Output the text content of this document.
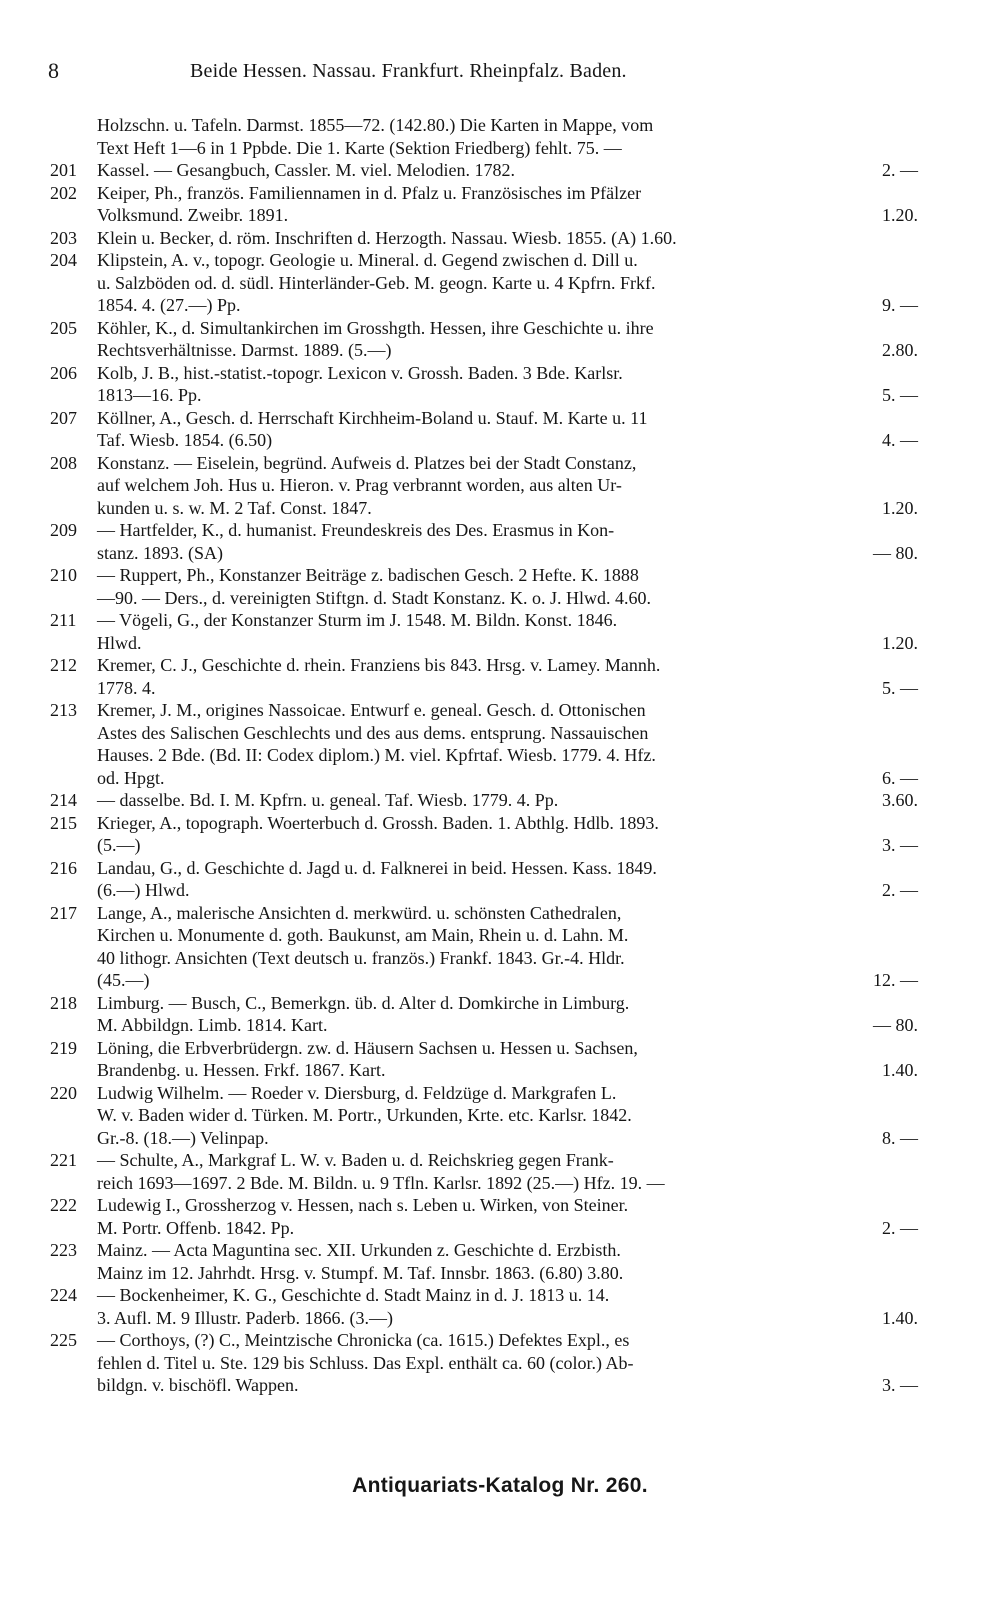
8	Beide Hessen. Nassau. Frankfurt. Rheinpfalz. Baden.
Holzschn. u. Tafeln. Darmst. 1855—72. (142.80.) Die Karten in Mappe, vom
Text Heft 1—6 in 1 Ppbde. Die 1. Karte (Sektion Friedberg) fehlt. 75. —
201	Kassel. — Gesangbuch, Cassler. M. viel. Melodien. 1782.	2. —
202	Keiper, Ph., französ. Familiennamen in d. Pfalz u. Französisches im Pfälzer
Volksmund. Zweibr. 1891.	1.20.
203	Klein u. Becker, d. röm. Inschriften d. Herzogth. Nassau. Wiesb. 1855. (A) 1.60.
204	Klipstein, A. v., topogr. Geologie u. Mineral. d. Gegend zwischen d. Dill u.
u. Salzböden od. d. südl. Hinterländer-Geb. M. geogn. Karte u. 4 Kpfrn. Frkf.
1854. 4. (27.—) Pp.	9. —
205	Köhler, K., d. Simultankirchen im Grosshgth. Hessen, ihre Geschichte u. ihre
Rechtsverhältnisse. Darmst. 1889. (5.—)	2.80.
206	Kolb, J. B., hist.-statist.-topogr. Lexicon v. Grossh. Baden. 3 Bde. Karlsr.
1813—16. Pp.	5. —
207	Köllner, A., Gesch. d. Herrschaft Kirchheim-Boland u. Stauf. M. Karte u. 11
Taf. Wiesb. 1854. (6.50)	4. —
208	Konstanz. — Eiselein, begründ. Aufweis d. Platzes bei der Stadt Constanz,
auf welchem Joh. Hus u. Hieron. v. Prag verbrannt worden, aus alten Ur-
kunden u. s. w. M. 2 Taf. Const. 1847.	1.20.
209	— Hartfelder, K., d. humanist. Freundeskreis des Des. Erasmus in Kon-
stanz. 1893. (SA)	— 80.
210	— Ruppert, Ph., Konstanzer Beiträge z. badischen Gesch. 2 Hefte. K. 1888
—90. — Ders., d. vereinigten Stiftgn. d. Stadt Konstanz. K. o. J. Hlwd. 4.60.
211	— Vögeli, G., der Konstanzer Sturm im J. 1548. M. Bildn. Konst. 1846.
Hlwd.	1.20.
212	Kremer, C. J., Geschichte d. rhein. Franziens bis 843. Hrsg. v. Lamey. Mannh.
1778. 4.	5. —
213	Kremer, J. M., origines Nassoicae. Entwurf e. geneal. Gesch. d. Ottonischen
Astes des Salischen Geschlechts und des aus dems. entsprung. Nassauischen
Hauses. 2 Bde. (Bd. II: Codex diplom.) M. viel. Kpfrtaf. Wiesb. 1779. 4. Hfz.
od. Hpgt.	6. —
214	— dasselbe. Bd. I. M. Kpfrn. u. geneal. Taf. Wiesb. 1779. 4. Pp.	3.60.
215	Krieger, A., topograph. Woerterbuch d. Grossh. Baden. 1. Abthlg. Hdlb. 1893.
(5.—)	3. —
216	Landau, G., d. Geschichte d. Jagd u. d. Falknerei in beid. Hessen. Kass. 1849.
(6.—) Hlwd.	2. —
217	Lange, A., malerische Ansichten d. merkwürd. u. schönsten Cathedralen,
Kirchen u. Monumente d. goth. Baukunst, am Main, Rhein u. d. Lahn. M.
40 lithogr. Ansichten (Text deutsch u. französ.) Frankf. 1843. Gr.-4. Hldr.
(45.—)	12. —
218	Limburg. — Busch, C., Bemerkgn. üb. d. Alter d. Domkirche in Limburg.
M. Abbildgn. Limb. 1814. Kart.	— 80.
219	Löning, die Erbverbrüdergn. zw. d. Häusern Sachsen u. Hessen u. Sachsen,
Brandenbg. u. Hessen. Frkf. 1867. Kart.	1.40.
220	Ludwig Wilhelm. — Roeder v. Diersburg, d. Feldzüge d. Markgrafen L.
W. v. Baden wider d. Türken. M. Portr., Urkunden, Krte. etc. Karlsr. 1842.
Gr.-8. (18.—) Velinpap.	8. —
221	— Schulte, A., Markgraf L. W. v. Baden u. d. Reichskrieg gegen Frank-
reich 1693—1697. 2 Bde. M. Bildn. u. 9 Tfln. Karlsr. 1892 (25.—) Hfz. 19. —
222	Ludewig I., Grossherzog v. Hessen, nach s. Leben u. Wirken, von Steiner.
M. Portr. Offenb. 1842. Pp.	2. —
223	Mainz. — Acta Maguntina sec. XII. Urkunden z. Geschichte d. Erzbisth.
Mainz im 12. Jahrhdt. Hrsg. v. Stumpf. M. Taf. Innsbr. 1863. (6.80) 3.80.
224	— Bockenheimer, K. G., Geschichte d. Stadt Mainz in d. J. 1813 u. 14.
3. Aufl. M. 9 Illustr. Paderb. 1866. (3.—)	1.40.
225	— Corthoys, (?) C., Meintzische Chronicka (ca. 1615.) Defektes Expl., es
fehlen d. Titel u. Ste. 129 bis Schluss. Das Expl. enthält ca. 60 (color.) Ab-
bildgn. v. bischöfl. Wappen.	3. —
Antiquariats-Katalog Nr. 260.
